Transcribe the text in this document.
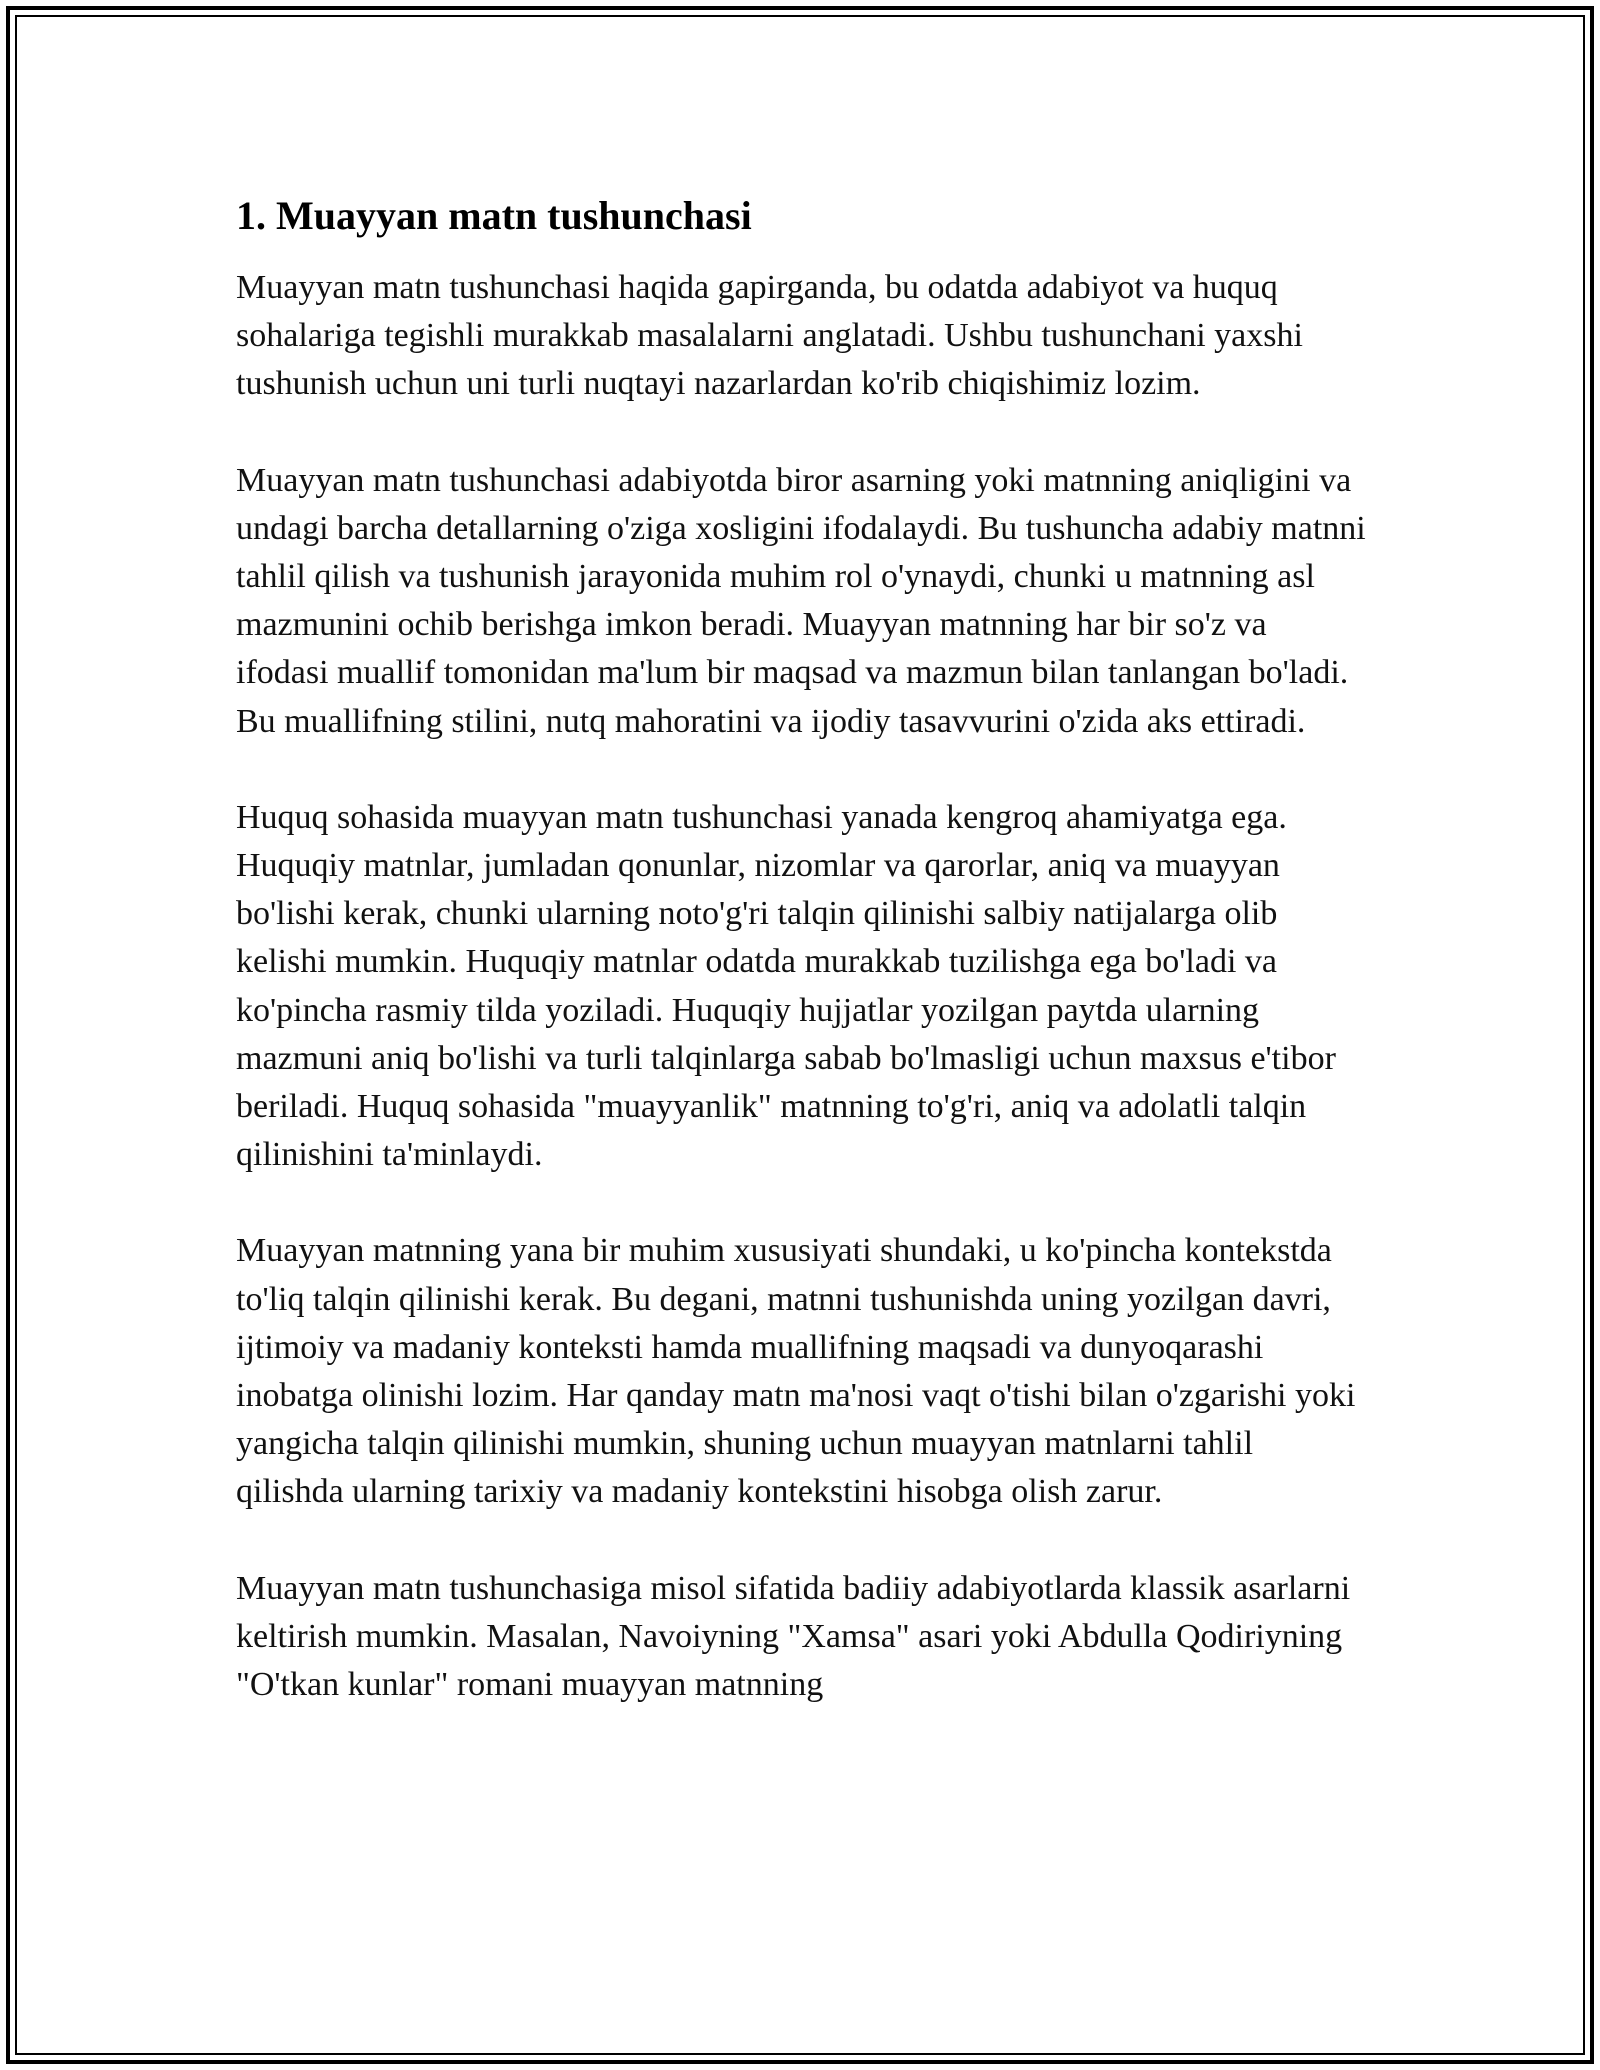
1. Muayyan matn tushunchasi

Muayyan matn tushunchasi haqida gapirganda, bu odatda adabiyot va huquq sohalariga tegishli murakkab masalalarni anglatadi. Ushbu tushunchani yaxshi tushunish uchun uni turli nuqtayi nazarlardan ko'rib chiqishimiz lozim.

Muayyan matn tushunchasi adabiyotda biror asarning yoki matnning aniqligini va undagi barcha detallarning o'ziga xosligini ifodalaydi. Bu tushuncha adabiy matnni tahlil qilish va tushunish jarayonida muhim rol o'ynaydi, chunki u matnning asl mazmunini ochib berishga imkon beradi. Muayyan matnning har bir so'z va ifodasi muallif tomonidan ma'lum bir maqsad va mazmun bilan tanlangan bo'ladi. Bu muallifning stilini, nutq mahoratini va ijodiy tasavvurini o'zida aks ettiradi.

Huquq sohasida muayyan matn tushunchasi yanada kengroq ahamiyatga ega. Huquqiy matnlar, jumladan qonunlar, nizomlar va qarorlar, aniq va muayyan bo'lishi kerak, chunki ularning noto'g'ri talqin qilinishi salbiy natijalarga olib kelishi mumkin. Huquqiy matnlar odatda murakkab tuzilishga ega bo'ladi va ko'pincha rasmiy tilda yoziladi. Huquqiy hujjatlar yozilgan paytda ularning mazmuni aniq bo'lishi va turli talqinlarga sabab bo'lmasligi uchun maxsus e'tibor beriladi. Huquq sohasida "muayyanlik" matnning to'g'ri, aniq va adolatli talqin qilinishini ta'minlaydi.

Muayyan matnning yana bir muhim xususiyati shundaki, u ko'pincha kontekstda to'liq talqin qilinishi kerak. Bu degani, matnni tushunishda uning yozilgan davri, ijtimoiy va madaniy konteksti hamda muallifning maqsadi va dunyoqarashi inobatga olinishi lozim. Har qanday matn ma'nosi vaqt o'tishi bilan o'zgarishi yoki yangicha talqin qilinishi mumkin, shuning uchun muayyan matnlarni tahlil qilishda ularning tarixiy va madaniy kontekstini hisobga olish zarur.

Muayyan matn tushunchasiga misol sifatida badiiy adabiyotlarda klassik asarlarni keltirish mumkin. Masalan, Navoiyning "Xamsa" asari yoki Abdulla Qodiriyning "O'tkan kunlar" romani muayyan matnning
